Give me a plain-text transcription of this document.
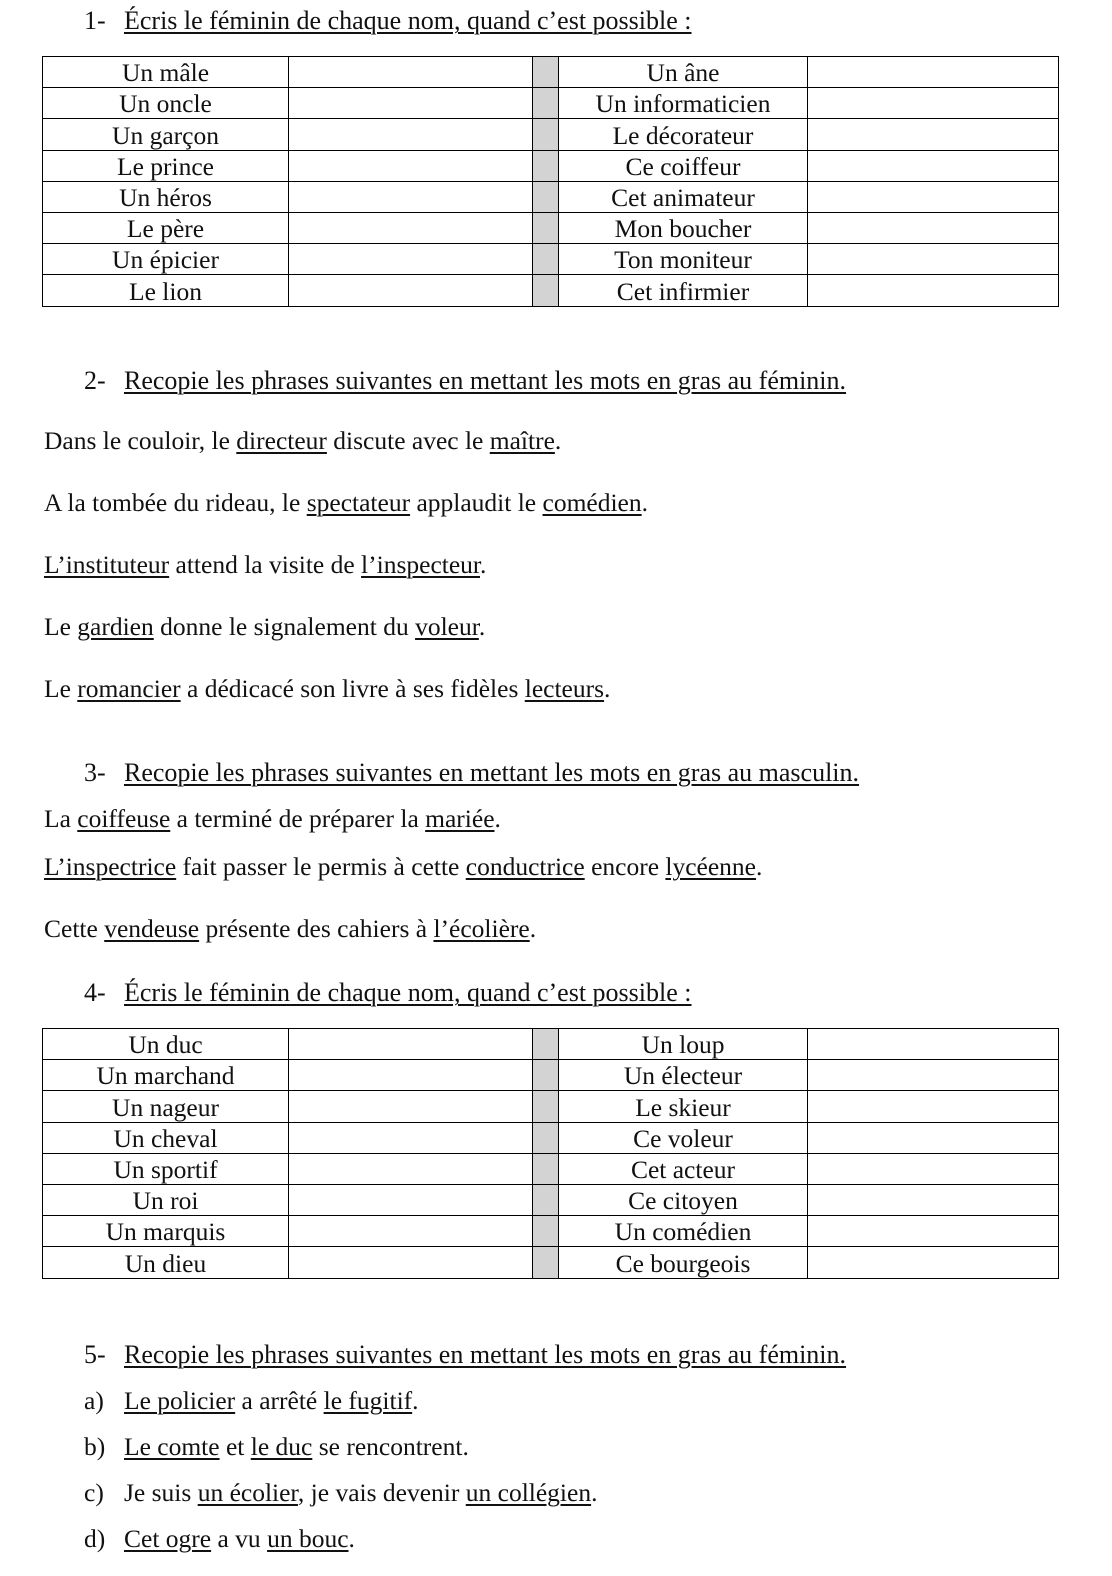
1- Écris le féminin de chaque nom, quand c’est possible :
Un mâle			Un âne	
Un oncle			Un informaticien	
Un garçon			Le décorateur	
Le prince			Ce coiffeur	
Un héros			Cet animateur	
Le père			Mon boucher	
Un épicier			Ton moniteur	
Le lion			Cet infirmier	
2- Recopie les phrases suivantes en mettant les mots en gras au féminin.
Dans le couloir, le directeur discute avec le maître.
A la tombée du rideau, le spectateur applaudit le comédien.
L’instituteur attend la visite de l’inspecteur.
Le gardien donne le signalement du voleur.
Le romancier a dédicacé son livre à ses fidèles lecteurs.
3- Recopie les phrases suivantes en mettant les mots en gras au masculin.
La coiffeuse a terminé de préparer la mariée.
L’inspectrice fait passer le permis à cette conductrice encore lycéenne.
Cette vendeuse présente des cahiers à l’écolière.
4- Écris le féminin de chaque nom, quand c’est possible :
Un duc			Un loup	
Un marchand			Un électeur	
Un nageur			Le skieur	
Un cheval			Ce voleur	
Un sportif			Cet acteur	
Un roi			Ce citoyen	
Un marquis			Un comédien	
Un dieu			Ce bourgeois	
5- Recopie les phrases suivantes en mettant les mots en gras au féminin.
a) Le policier a arrêté le fugitif.
b) Le comte et le duc se rencontrent.
c) Je suis un écolier, je vais devenir un collégien.
d) Cet ogre a vu un bouc.
